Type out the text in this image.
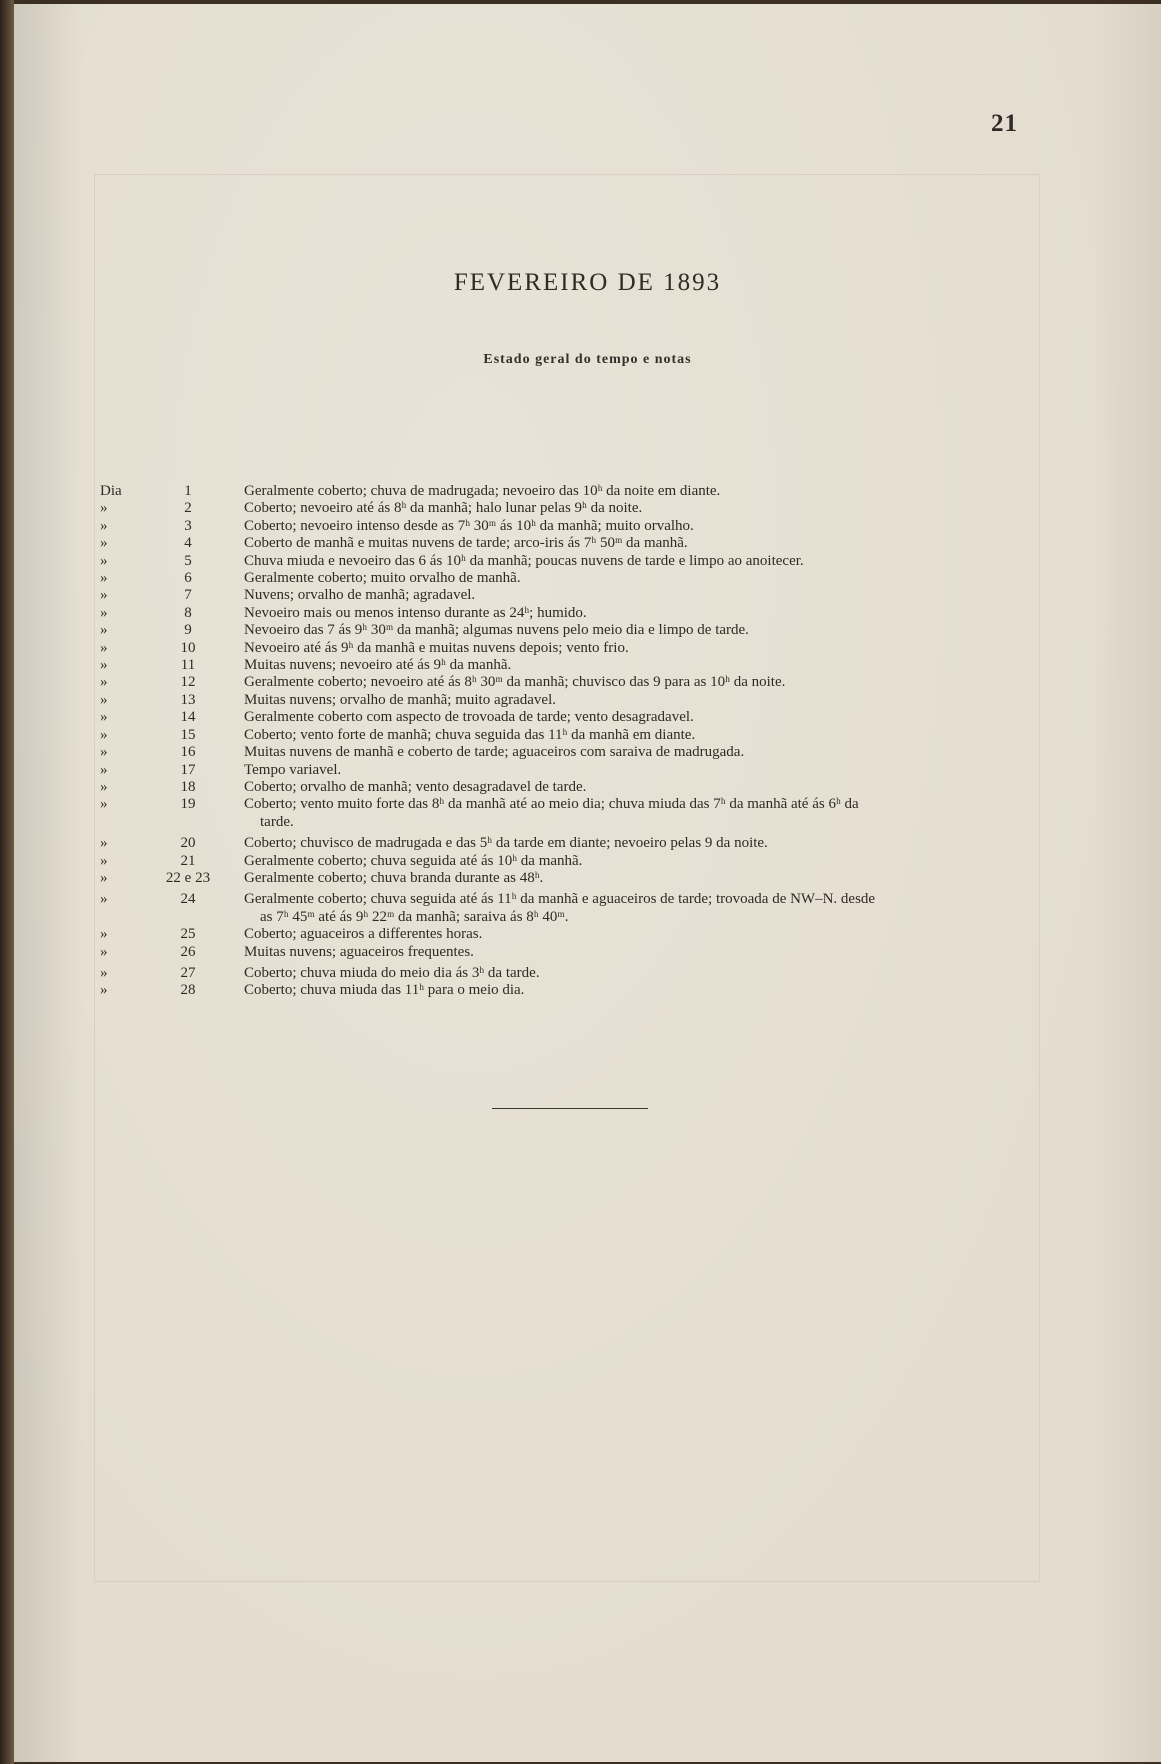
21
FEVEREIRO DE 1893
Estado geral do tempo e notas
Dia	1	Geralmente coberto; chuva de madrugada; nevoeiro das 10ʰ da noite em diante.
»	2	Coberto; nevoeiro até ás 8ʰ da manhã; halo lunar pelas 9ʰ da noite.
»	3	Coberto; nevoeiro intenso desde as 7ʰ 30ᵐ ás 10ʰ da manhã; muito orvalho.
»	4	Coberto de manhã e muitas nuvens de tarde; arco-iris ás 7ʰ 50ᵐ da manhã.
»	5	Chuva miuda e nevoeiro das 6 ás 10ʰ da manhã; poucas nuvens de tarde e limpo ao anoitecer.
»	6	Geralmente coberto; muito orvalho de manhã.
»	7	Nuvens; orvalho de manhã; agradavel.
»	8	Nevoeiro mais ou menos intenso durante as 24ʰ; humido.
»	9	Nevoeiro das 7 ás 9ʰ 30ᵐ da manhã; algumas nuvens pelo meio dia e limpo de tarde.
»	10	Nevoeiro até ás 9ʰ da manhã e muitas nuvens depois; vento frio.
»	11	Muitas nuvens; nevoeiro até ás 9ʰ da manhã.
»	12	Geralmente coberto; nevoeiro até ás 8ʰ 30ᵐ da manhã; chuvisco das 9 para as 10ʰ da noite.
»	13	Muitas nuvens; orvalho de manhã; muito agradavel.
»	14	Geralmente coberto com aspecto de trovoada de tarde; vento desagradavel.
»	15	Coberto; vento forte de manhã; chuva seguida das 11ʰ da manhã em diante.
»	16	Muitas nuvens de manhã e coberto de tarde; aguaceiros com saraiva de madrugada.
»	17	Tempo variavel.
»	18	Coberto; orvalho de manhã; vento desagradavel de tarde.
»	19	Coberto; vento muito forte das 8ʰ da manhã até ao meio dia; chuva miuda das 7ʰ da manhã até ás 6ʰ da
tarde.
»	20	Coberto; chuvisco de madrugada e das 5ʰ da tarde em diante; nevoeiro pelas 9 da noite.
»	21	Geralmente coberto; chuva seguida até ás 10ʰ da manhã.
»	22 e 23	Geralmente coberto; chuva branda durante as 48ʰ.
»	24	Geralmente coberto; chuva seguida até ás 11ʰ da manhã e aguaceiros de tarde; trovoada de NW–N. desde
as 7ʰ 45ᵐ até ás 9ʰ 22ᵐ da manhã; saraiva ás 8ʰ 40ᵐ.
»	25	Coberto; aguaceiros a differentes horas.
»	26	Muitas nuvens; aguaceiros frequentes.
»	27	Coberto; chuva miuda do meio dia ás 3ʰ da tarde.
»	28	Coberto; chuva miuda das 11ʰ para o meio dia.
